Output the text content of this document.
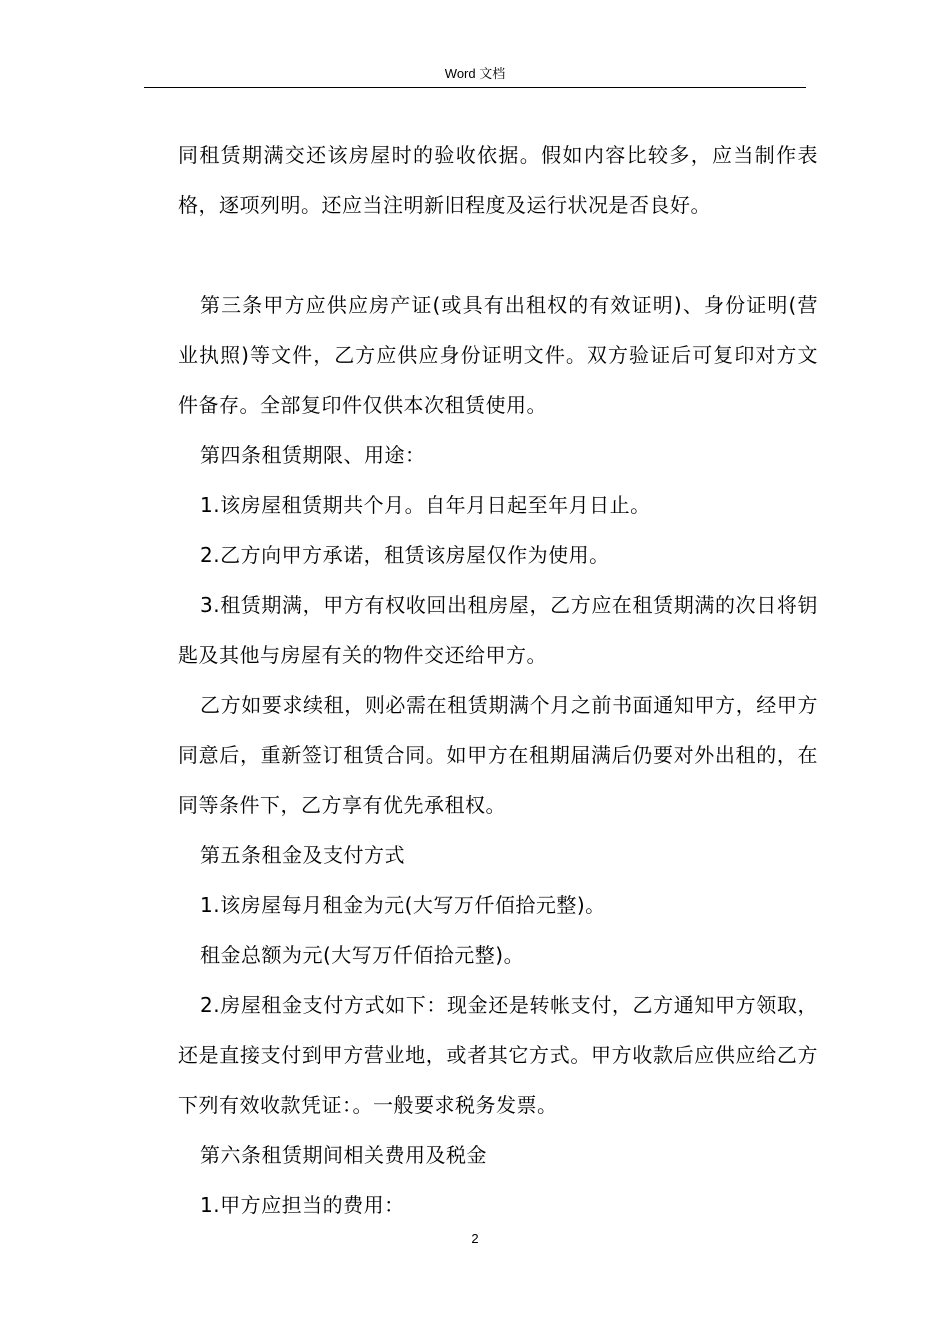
Word 文档

同租赁期满交还该房屋时的验收依据。假如内容比较多，应当制作表格，逐项列明。还应当注明新旧程度及运行状况是否良好。

第三条甲方应供应房产证(或具有出租权的有效证明)、身份证明(营业执照)等文件，乙方应供应身份证明文件。双方验证后可复印对方文件备存。全部复印件仅供本次租赁使用。

第四条租赁期限、用途：

1.该房屋租赁期共个月。自年月日起至年月日止。

2.乙方向甲方承诺，租赁该房屋仅作为使用。

3.租赁期满，甲方有权收回出租房屋，乙方应在租赁期满的次日将钥匙及其他与房屋有关的物件交还给甲方。

乙方如要求续租，则必需在租赁期满个月之前书面通知甲方，经甲方同意后，重新签订租赁合同。如甲方在租期届满后仍要对外出租的，在同等条件下，乙方享有优先承租权。

第五条租金及支付方式

1.该房屋每月租金为元(大写万仟佰拾元整)。

租金总额为元(大写万仟佰拾元整)。

2.房屋租金支付方式如下：现金还是转帐支付，乙方通知甲方领取，还是直接支付到甲方营业地，或者其它方式。甲方收款后应供应给乙方下列有效收款凭证：。一般要求税务发票。

第六条租赁期间相关费用及税金

1.甲方应担当的费用：

2
